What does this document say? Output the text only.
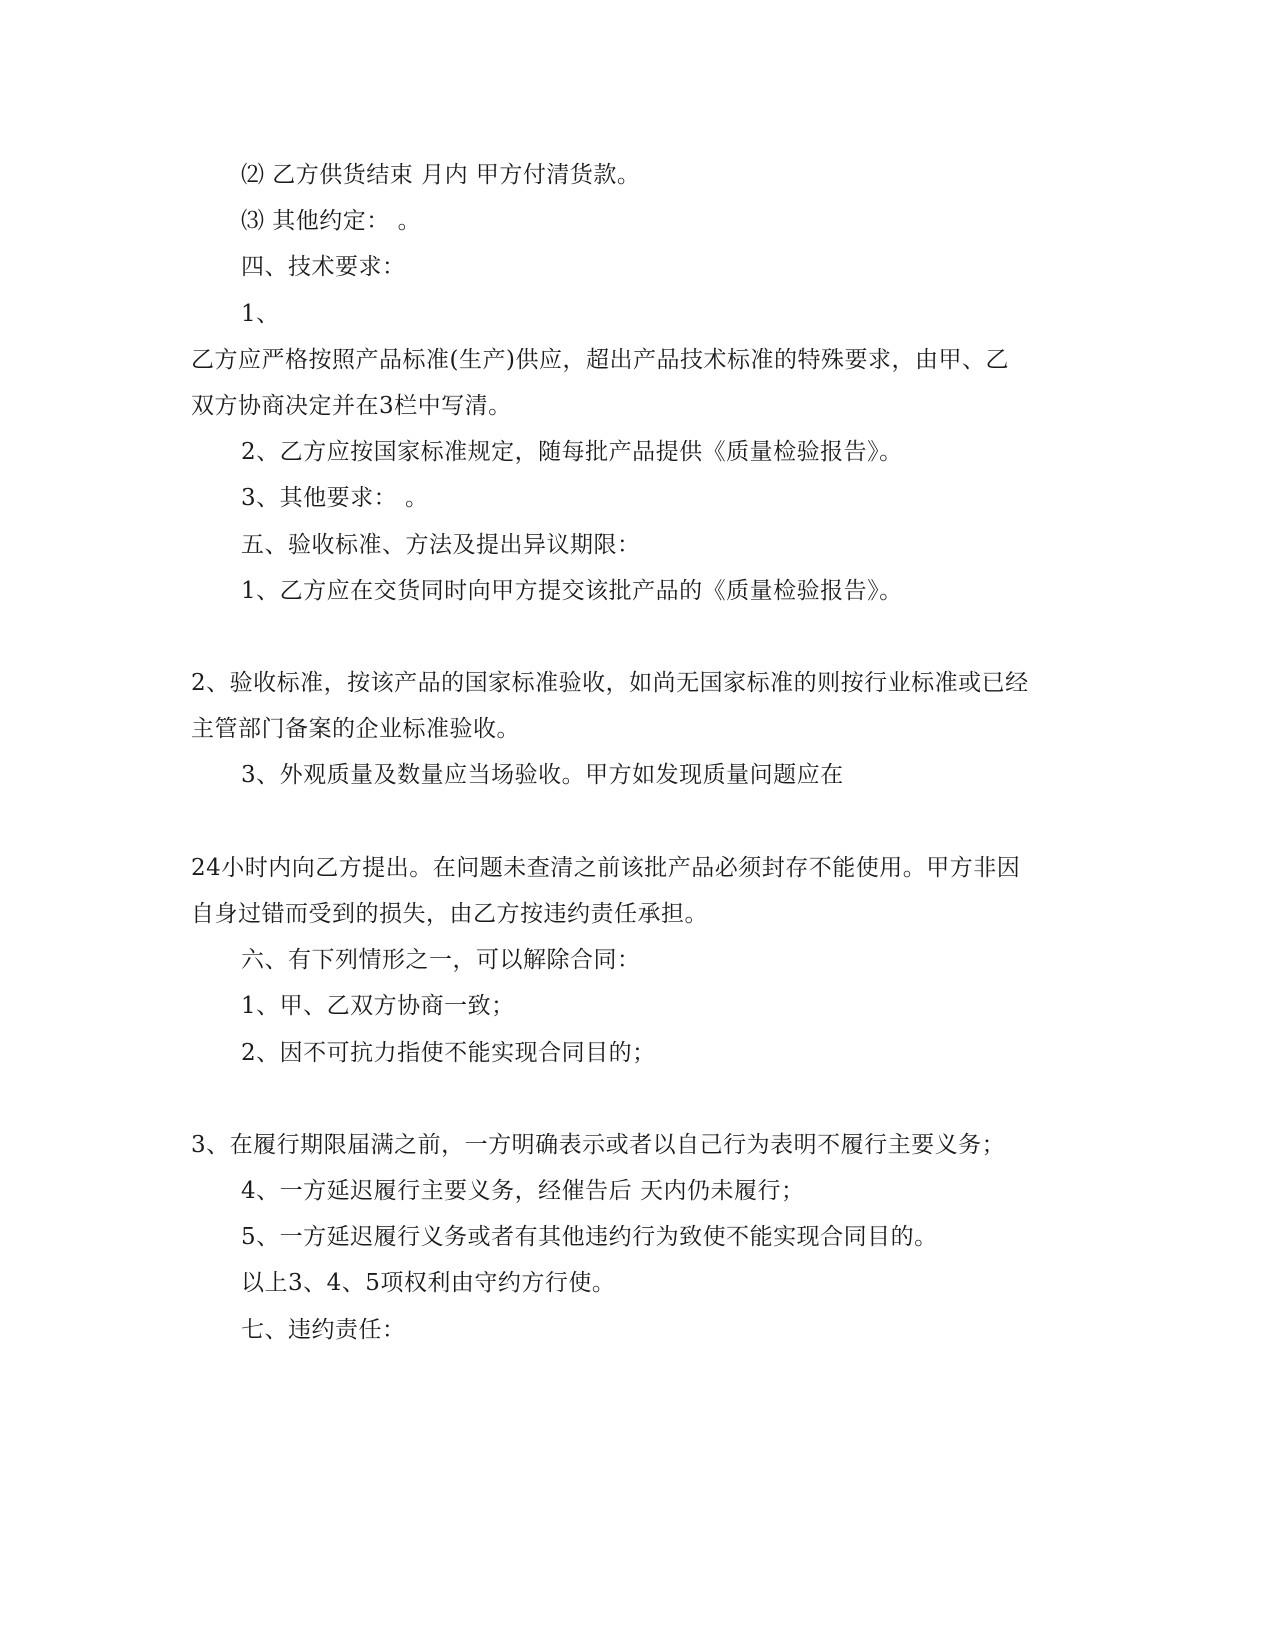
⑵ 乙方供货结束 月内 甲方付清货款。
⑶ 其他约定： 。
四、技术要求：
1、
乙方应严格按照产品标准(生产)供应，超出产品技术标准的特殊要求，由甲、乙
双方协商决定并在3栏中写清。
2、乙方应按国家标准规定，随每批产品提供《质量检验报告》。
3、其他要求： 。
五、验收标准、方法及提出异议期限：
1、乙方应在交货同时向甲方提交该批产品的《质量检验报告》。
2、验收标准，按该产品的国家标准验收，如尚无国家标准的则按行业标准或已经
主管部门备案的企业标准验收。
3、外观质量及数量应当场验收。甲方如发现质量问题应在
24小时内向乙方提出。在问题未查清之前该批产品必须封存不能使用。甲方非因
自身过错而受到的损失，由乙方按违约责任承担。
六、有下列情形之一，可以解除合同：
1、甲、乙双方协商一致；
2、因不可抗力指使不能实现合同目的；
3、在履行期限届满之前，一方明确表示或者以自己行为表明不履行主要义务；
4、一方延迟履行主要义务，经催告后 天内仍未履行；
5、一方延迟履行义务或者有其他违约行为致使不能实现合同目的。
以上3、4、5项权利由守约方行使。
七、违约责任：
